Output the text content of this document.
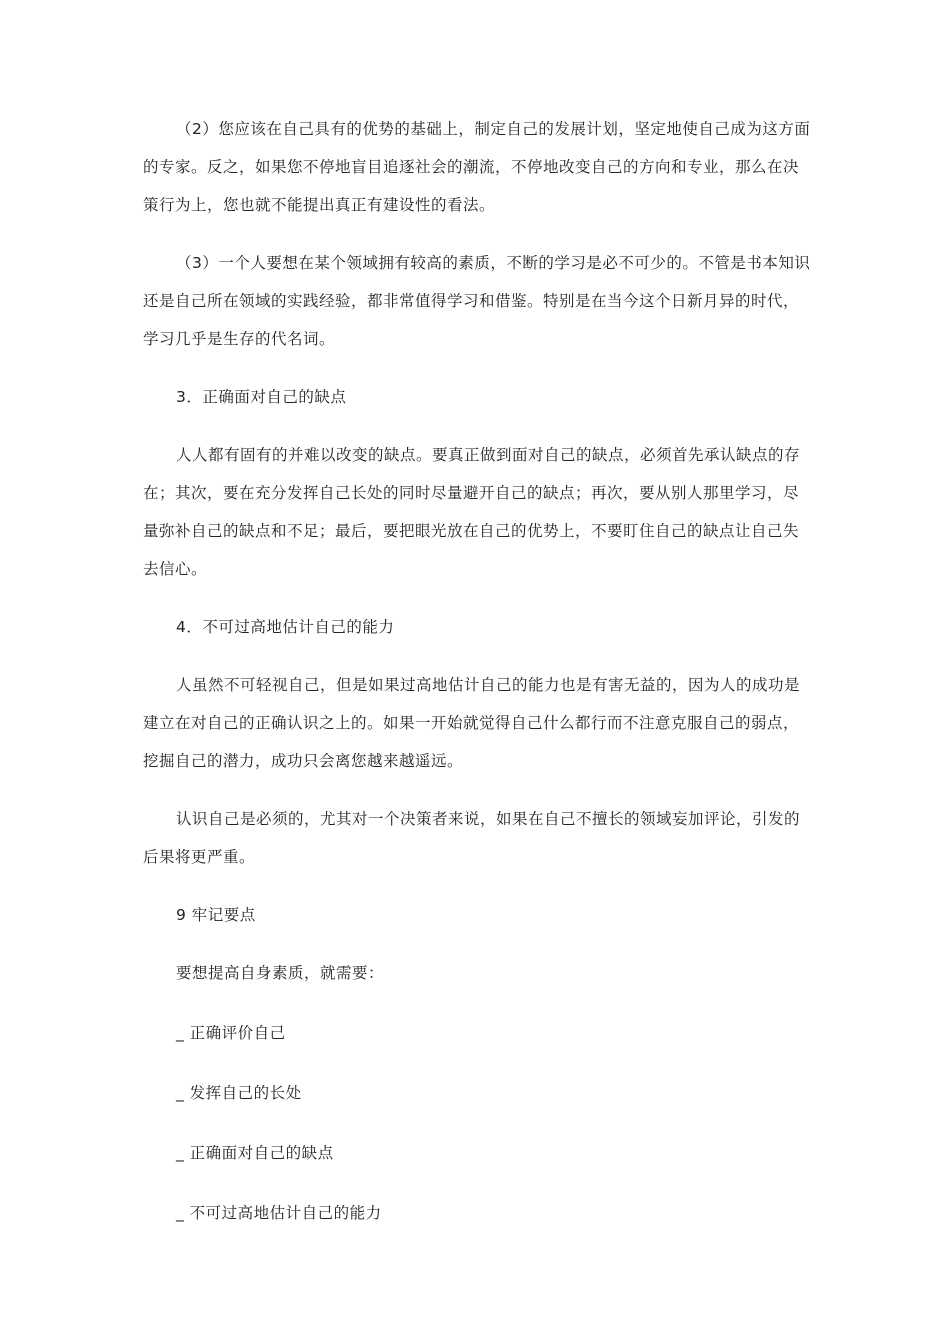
（2）您应该在自己具有的优势的基础上，制定自己的发展计划，坚定地使自己成为这方面的专家。反之，如果您不停地盲目追逐社会的潮流，不停地改变自己的方向和专业，那么在决策行为上，您也就不能提出真正有建设性的看法。

（3）一个人要想在某个领域拥有较高的素质，不断的学习是必不可少的。不管是书本知识还是自己所在领域的实践经验，都非常值得学习和借鉴。特别是在当今这个日新月异的时代，学习几乎是生存的代名词。

3．正确面对自己的缺点

人人都有固有的并难以改变的缺点。要真正做到面对自己的缺点，必须首先承认缺点的存在；其次，要在充分发挥自己长处的同时尽量避开自己的缺点；再次，要从别人那里学习，尽量弥补自己的缺点和不足；最后，要把眼光放在自己的优势上，不要盯住自己的缺点让自己失去信心。

4．不可过高地估计自己的能力

人虽然不可轻视自己，但是如果过高地估计自己的能力也是有害无益的，因为人的成功是建立在对自己的正确认识之上的。如果一开始就觉得自己什么都行而不注意克服自己的弱点，挖掘自己的潜力，成功只会离您越来越遥远。

认识自己是必须的，尤其对一个决策者来说，如果在自己不擅长的领域妄加评论，引发的后果将更严重。

9 牢记要点

要想提高自身素质，就需要：

_ 正确评价自己

_ 发挥自己的长处

_ 正确面对自己的缺点

_ 不可过高地估计自己的能力
